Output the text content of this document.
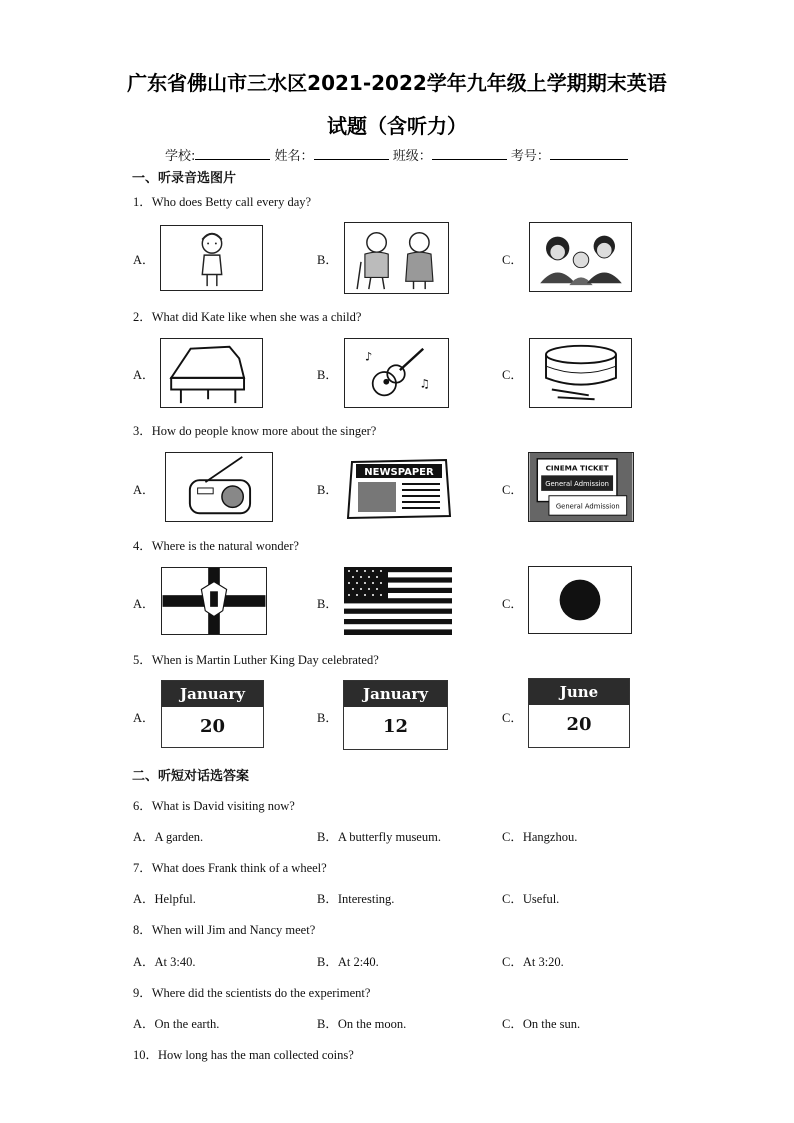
广东省佛山市三水区2021-2022学年九年级上学期期末英语
试题（含听力）
学校:	姓名：	班级：	考号：
一、听录音选图片
1．Who does Betty call every day?
A．	B．	C．
2．What did Kate like when she was a child?
A．	B．	C．
♪
♫
3．How do people know more about the singer?
A．	B．	C．
NEWSPAPER	CINEMA TICKET
General Admission
General Admission
4．Where is the natural wonder?
A．	B．	C．
5．When is Martin Luther King Day celebrated?
A．	B．	C．
January
20
January
12
June
20
二、听短对话选答案
6．What is David visiting now?
A．A garden.	B．A butterfly museum.	C．Hangzhou.
7．What does Frank think of a wheel?
A．Helpful.	B．Interesting.	C．Useful.
8．When will Jim and Nancy meet?
A．At 3:40.	B．At 2:40.	C．At 3:20.
9．Where did the scientists do the experiment?
A．On the earth.	B．On the moon.	C．On the sun.
10．How long has the man collected coins?
